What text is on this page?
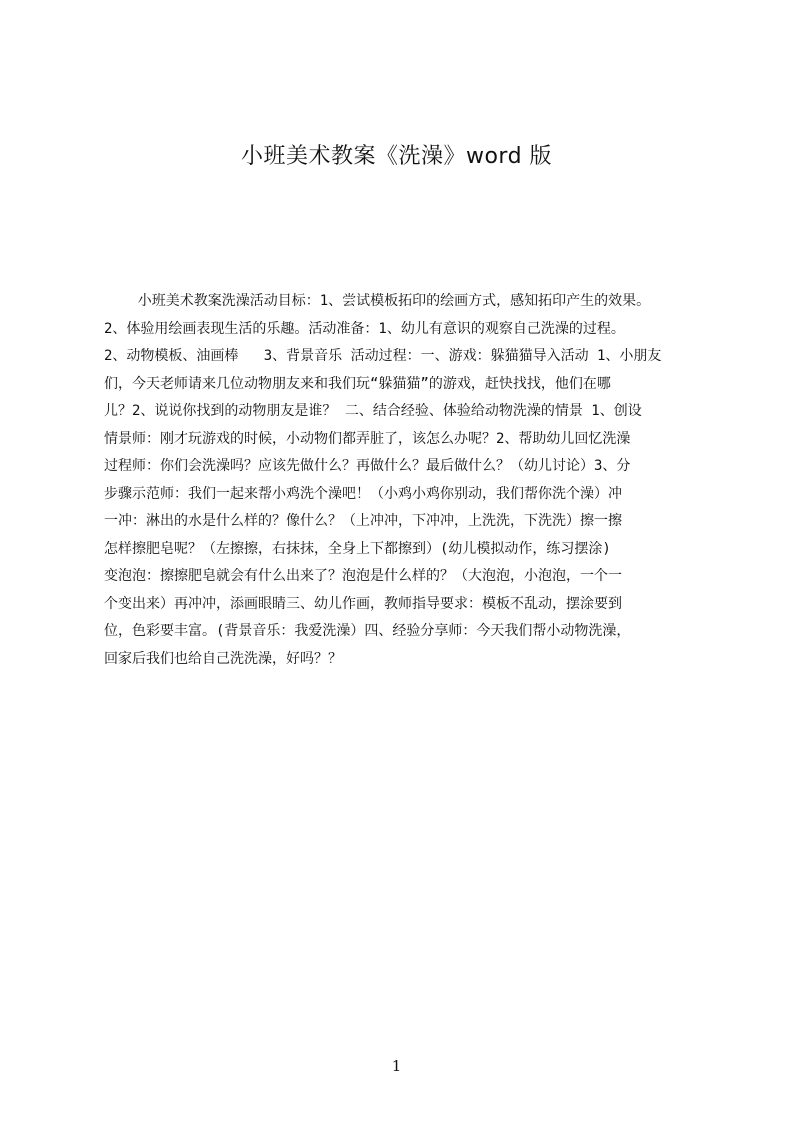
小班美术教案《洗澡》word 版
小班美术教案洗澡活动目标：1、尝试模板拓印的绘画方式，感知拓印产生的效果。
2、体验用绘画表现生活的乐趣。活动准备：1、幼儿有意识的观察自己洗澡的过程。
2、动物模板、油画棒   3、背景音乐 活动过程：一、游戏：躲猫猫导入活动 1、小朋友
们，今天老师请来几位动物朋友来和我们玩“躲猫猫”的游戏，赶快找找，他们在哪
儿？2、说说你找到的动物朋友是谁？ 二、结合经验、体验给动物洗澡的情景 1、创设
情景师：刚才玩游戏的时候，小动物们都弄脏了，该怎么办呢？2、帮助幼儿回忆洗澡
过程师：你们会洗澡吗？应该先做什么？再做什么？最后做什么？（幼儿讨论）3、分
步骤示范师：我们一起来帮小鸡洗个澡吧！（小鸡小鸡你别动，我们帮你洗个澡）冲
一冲：淋出的水是什么样的？像什么？（上冲冲，下冲冲，上洗洗，下洗洗）擦一擦
怎样擦肥皂呢？（左擦擦，右抹抹，全身上下都擦到）(幼儿模拟动作，练习摆涂)
变泡泡：擦擦肥皂就会有什么出来了？泡泡是什么样的？（大泡泡，小泡泡，一个一
个变出来）再冲冲，添画眼睛三、幼儿作画，教师指导要求：模板不乱动，摆涂要到
位，色彩要丰富。(背景音乐：我爱洗澡）四、经验分享师：今天我们帮小动物洗澡，
回家后我们也给自己洗洗澡，好吗？？
1
